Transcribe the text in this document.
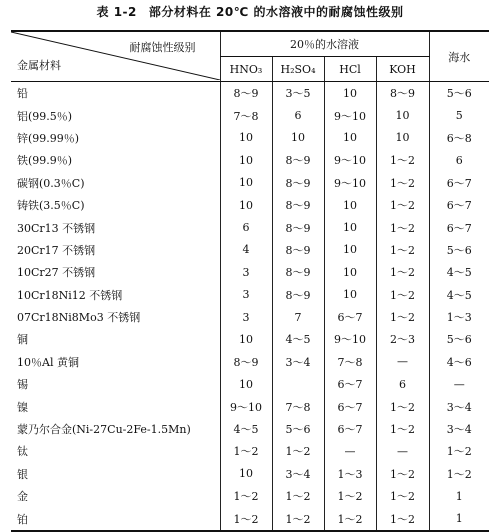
表 1-2 部分材料在 20℃ 的水溶液中的耐腐蚀性级别
耐腐蚀性级别
金属材料	20％的水溶液				海水
	HNO₃	H₂SO₄	HCl	KOH	
铅	8～9	3～5	10	8～9	5～6
铝(99.5％)	7～8	6	9～10	10	5
锌(99.99％)	10	10	10	10	6～8
铁(99.9％)	10	8～9	9～10	1～2	6
碳钢(0.3％C)	10	8～9	9～10	1～2	6～7
铸铁(3.5％C)	10	8～9	10	1～2	6～7
30Cr13 不锈钢	6	8～9	10	1～2	6～7
20Cr17 不锈钢	4	8～9	10	1～2	5～6
10Cr27 不锈钢	3	8～9	10	1～2	4～5
10Cr18Ni12 不锈钢	3	8～9	10	1～2	4～5
07Cr18Ni8Mo3 不锈钢	3	7	6～7	1～2	1～3
铜	10	4～5	9～10	2～3	5～6
10％Al 黄铜	8～9	3～4	7～8	—	4～6
锡	10		6～7	6	—
镍	9～10	7～8	6～7	1～2	3～4
蒙乃尔合金(Ni-27Cu-2Fe-1.5Mn)	4～5	5～6	6～7	1～2	3～4
钛	1～2	1～2	—	—	1～2
银	10	3～4	1～3	1～2	1～2
金	1～2	1～2	1～2	1～2	1
铂	1～2	1～2	1～2	1～2	1
